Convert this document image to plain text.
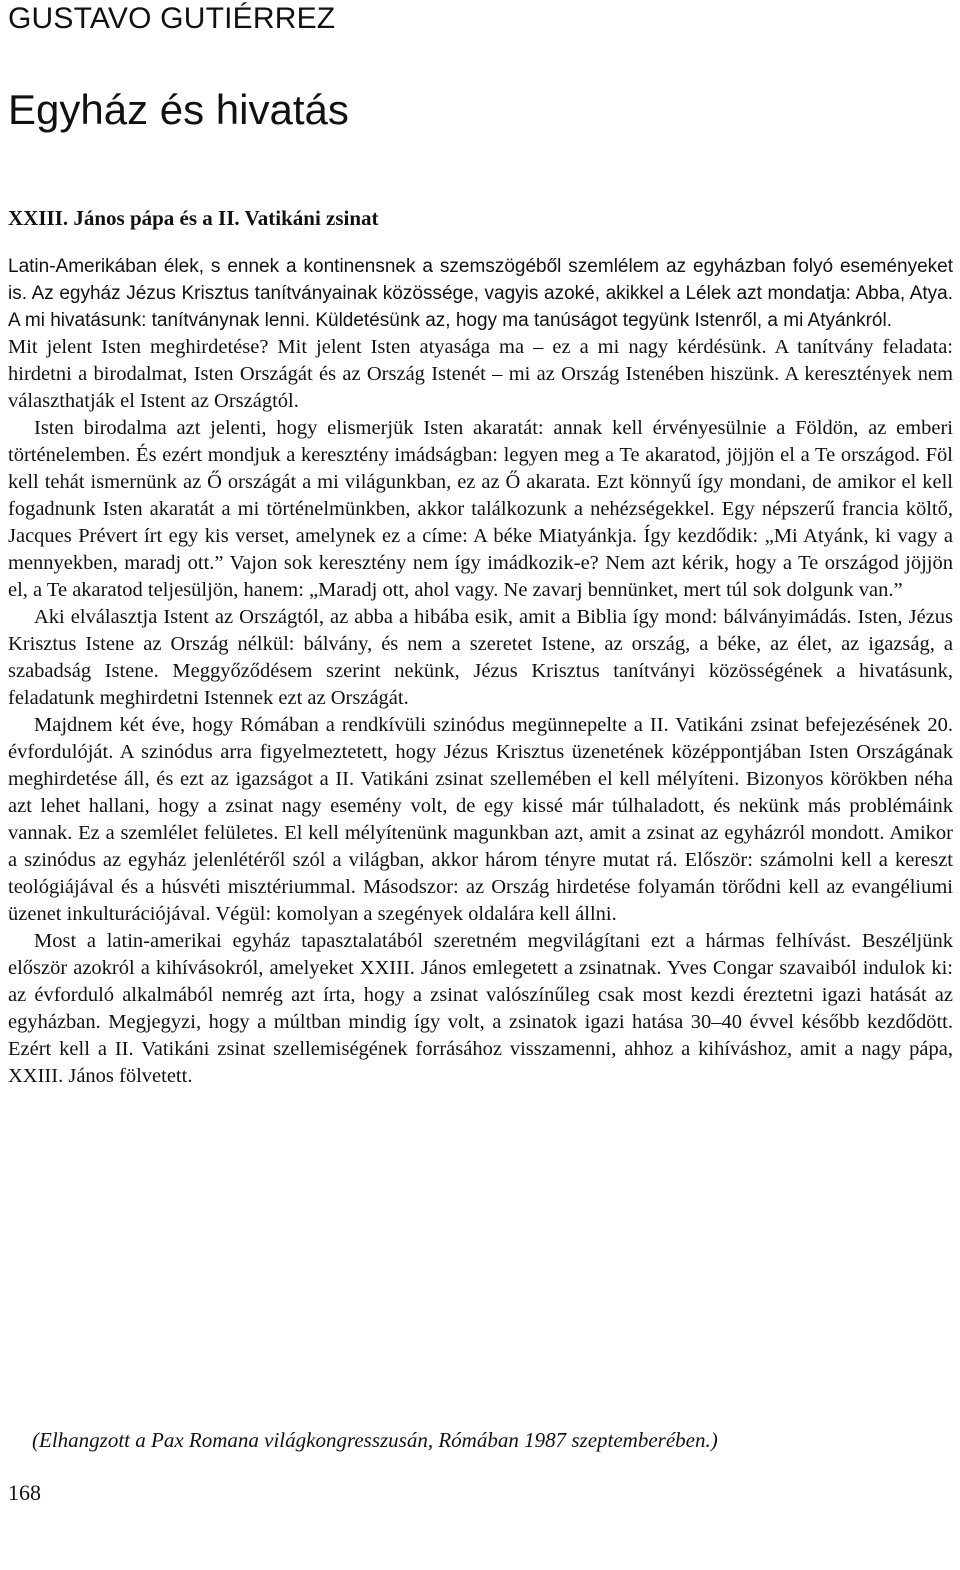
GUSTAVO GUTIÉRREZ
Egyház és hivatás
XXIII. János pápa és a II. Vatikáni zsinat

Latin-Amerikában élek, s ennek a kontinensnek a szemszögéből szemlélem az egyházban folyó eseményeket is. Az egyház Jézus Krisztus tanítványainak közössége, vagyis azoké, akikkel a Lélek azt mondatja: Abba, Atya. A mi hivatásunk: tanítványnak lenni. Küldetésünk az, hogy ma tanúságot tegyünk Istenről, a mi Atyánkról.

Mit jelent Isten meghirdetése? Mit jelent Isten atyasága ma – ez a mi nagy kérdésünk. A tanítvány feladata: hirdetni a birodalmat, Isten Országát és az Ország Istenét – mi az Ország Istenében hiszünk. A keresztények nem választhatják el Istent az Országtól.

Isten birodalma azt jelenti, hogy elismerjük Isten akaratát: annak kell érvényesülnie a Földön, az emberi történelemben. És ezért mondjuk a keresztény imádságban: legyen meg a Te akaratod, jöjjön el a Te országod. Föl kell tehát ismernünk az Ő országát a mi világunkban, ez az Ő akarata. Ezt könnyű így mondani, de amikor el kell fogadnunk Isten akaratát a mi történelmünkben, akkor találkozunk a nehézségekkel. Egy népszerű francia költő, Jacques Prévert írt egy kis verset, amelynek ez a címe: A béke Miatyánkja. Így kezdődik: „Mi Atyánk, ki vagy a mennyekben, maradj ott.” Vajon sok keresztény nem így imádkozik-e? Nem azt kérik, hogy a Te országod jöjjön el, a Te akaratod teljesüljön, hanem: „Maradj ott, ahol vagy. Ne zavarj bennünket, mert túl sok dolgunk van.”

Aki elválasztja Istent az Országtól, az abba a hibába esik, amit a Biblia így mond: bálványimádás. Isten, Jézus Krisztus Istene az Ország nélkül: bálvány, és nem a szeretet Istene, az ország, a béke, az élet, az igazság, a szabadság Istene. Meggyőződésem szerint nekünk, Jézus Krisztus tanítványi közösségének a hivatásunk, feladatunk meghirdetni Istennek ezt az Országát.

Majdnem két éve, hogy Rómában a rendkívüli szinódus megünnepelte a II. Vatikáni zsinat befejezésének 20. évfordulóját. A szinódus arra figyelmeztetett, hogy Jézus Krisztus üzenetének középpontjában Isten Országának meghirdetése áll, és ezt az igazságot a II. Vatikáni zsinat szellemében el kell mélyíteni. Bizonyos körökben néha azt lehet hallani, hogy a zsinat nagy esemény volt, de egy kissé már túlhaladott, és nekünk más problémáink vannak. Ez a szemlélet felületes. El kell mélyítenünk magunkban azt, amit a zsinat az egyházról mondott. Amikor a szinódus az egyház jelenlétéről szól a világban, akkor három tényre mutat rá. Először: számolni kell a kereszt teológiájával és a húsvéti misztériummal. Másodszor: az Ország hirdetése folyamán törődni kell az evangéliumi üzenet inkulturációjával. Végül: komolyan a szegények oldalára kell állni.

Most a latin-amerikai egyház tapasztalatából szeretném megvilágítani ezt a hármas felhívást. Beszéljünk először azokról a kihívásokról, amelyeket XXIII. János emlegetett a zsinatnak. Yves Congar szavaiból indulok ki: az évforduló alkalmából nemrég azt írta, hogy a zsinat valószínűleg csak most kezdi éreztetni igazi hatását az egyházban. Megjegyzi, hogy a múltban mindig így volt, a zsinatok igazi hatása 30–40 évvel később kezdődött. Ezért kell a II. Vatikáni zsinat szellemiségének forrásához visszamenni, ahhoz a kihíváshoz, amit a nagy pápa, XXIII. János fölvetett.

(Elhangzott a Pax Romana világkongresszusán, Rómában 1987 szeptemberében.)
168
